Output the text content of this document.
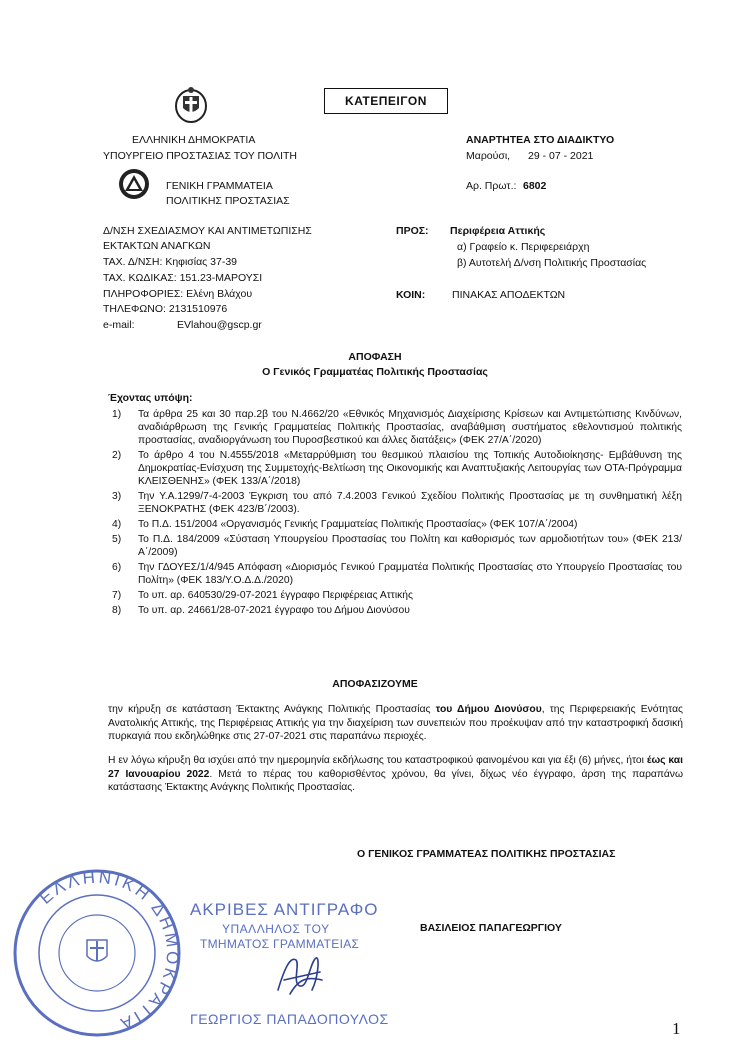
ΚΑΤΕΠΕΙΓΟΝ
ΕΛΛΗΝΙΚΗ ΔΗΜΟΚΡΑΤΙΑ
ΥΠΟΥΡΓΕΙΟ ΠΡΟΣΤΑΣΙΑΣ ΤΟΥ ΠΟΛΙΤΗ
ΓΕΝΙΚΗ ΓΡΑΜΜΑΤΕΙΑ
ΠΟΛΙΤΙΚΗΣ ΠΡΟΣΤΑΣΙΑΣ
ΑΝΑΡΤΗΤΕΑ ΣΤΟ ΔΙΑΔΙΚΤΥΟ
Μαρούσι, 29 - 07 - 2021
Αρ. Πρωτ.: 6802
Δ/ΝΣΗ ΣΧΕΔΙΑΣΜΟΥ ΚΑΙ ΑΝΤΙΜΕΤΩΠΙΣΗΣ
ΕΚΤΑΚΤΩΝ ΑΝΑΓΚΩΝ
ΤΑΧ. Δ/ΝΣΗ: Κηφισίας 37-39
ΤΑΧ. ΚΩΔΙΚΑΣ: 151.23-ΜΑΡΟΥΣΙ
ΠΛΗΡΟΦΟΡΙΕΣ: Ελένη Βλάχου
ΤΗΛΕΦΩΝΟ: 2131510976
e-mail:	EVlahou@gscp.gr
ΠΡΟΣ: Περιφέρεια Αττικής
α) Γραφείο κ. Περιφερειάρχη
β) Αυτοτελή Δ/νση Πολιτικής Προστασίας
ΚΟΙΝ:	ΠΙΝΑΚΑΣ ΑΠΟΔΕΚΤΩΝ
ΑΠΟΦΑΣΗ
Ο Γενικός Γραμματέας Πολιτικής Προστασίας
Έχοντας υπόψη:
1)	Τα άρθρα 25 και 30 παρ.2β του Ν.4662/20 «Εθνικός Μηχανισμός Διαχείρισης Κρίσεων και Αντιμετώπισης Κινδύνων, αναδιάρθρωση της Γενικής Γραμματείας Πολιτικής Προστασίας, αναβάθμιση συστήματος εθελοντισμού πολιτικής προστασίας, αναδιοργάνωση του Πυροσβεστικού και άλλες διατάξεις» (ΦΕΚ 27/Α΄/2020)
2)	Το άρθρο 4 του Ν.4555/2018 «Μεταρρύθμιση του θεσμικού πλαισίου της Τοπικής Αυτοδιοίκησης- Εμβάθυνση της Δημοκρατίας-Ενίσχυση της Συμμετοχής-Βελτίωση της Οικονομικής και Αναπτυξιακής Λειτουργίας των ΟΤΑ-Πρόγραμμα ΚΛΕΙΣΘΕΝΗΣ» (ΦΕΚ 133/Α΄/2018)
3)	Την Υ.Α.1299/7-4-2003 Έγκριση του από 7.4.2003 Γενικού Σχεδίου Πολιτικής Προστασίας με τη συνθηματική λέξη ΞΕΝΟΚΡΑΤΗΣ (ΦΕΚ 423/Β΄/2003).
4)	Το Π.Δ. 151/2004 «Οργανισμός Γενικής Γραμματείας Πολιτικής Προστασίας» (ΦΕΚ 107/Α΄/2004)
5)	Το Π.Δ. 184/2009 «Σύσταση Υπουργείου Προστασίας του Πολίτη και καθορισμός των αρμοδιοτήτων του» (ΦΕΚ 213/Α΄/2009)
6)	Την ΓΔΟΥΕΣ/1/4/945 Απόφαση «Διορισμός Γενικού Γραμματέα Πολιτικής Προστασίας στο Υπουργείο Προστασίας του Πολίτη» (ΦΕΚ 183/Υ.Ο.Δ.Δ./2020)
7)	Το υπ. αρ. 640530/29-07-2021 έγγραφο Περιφέρειας Αττικής
8)	Το υπ. αρ. 24661/28-07-2021 έγγραφο του Δήμου Διονύσου
ΑΠΟΦΑΣΙΖΟΥΜΕ
την κήρυξη σε κατάσταση Έκτακτης Ανάγκης Πολιτικής Προστασίας του Δήμου Διονύσου, της Περιφερειακής Ενότητας Ανατολικής Αττικής, της Περιφέρειας Αττικής για την διαχείριση των συνεπειών που προέκυψαν από την καταστροφική δασική πυρκαγιά που εκδηλώθηκε στις 27-07-2021 στις παραπάνω περιοχές.
Η εν λόγω κήρυξη θα ισχύει από την ημερομηνία εκδήλωσης του καταστροφικού φαινομένου και για έξι (6) μήνες, ήτοι έως και 27 Ιανουαρίου 2022. Μετά το πέρας του καθορισθέντος χρόνου, θα γίνει, δίχως νέο έγγραφο, άρση της παραπάνω κατάστασης Έκτακτης Ανάγκης Πολιτικής Προστασίας.
Ο ΓΕΝΙΚΟΣ ΓΡΑΜΜΑΤΕΑΣ ΠΟΛΙΤΙΚΗΣ ΠΡΟΣΤΑΣΙΑΣ
ΒΑΣΙΛΕΙΟΣ ΠΑΠΑΓΕΩΡΓΙΟΥ
ΕΛΛΗΝΙΚΗ ΔΗΜΟΚΡΑΤΙΑ
ΑΚΡΙΒΕΣ ΑΝΤΙΓΡΑΦΟ
ΥΠΑΛΛΗΛΟΣ ΤΟΥ
ΤΜΗΜΑΤΟΣ ΓΡΑΜΜΑΤΕΙΑΣ
ΓΕΩΡΓΙΟΣ ΠΑΠΑΔΟΠΟΥΛΟΣ	1
